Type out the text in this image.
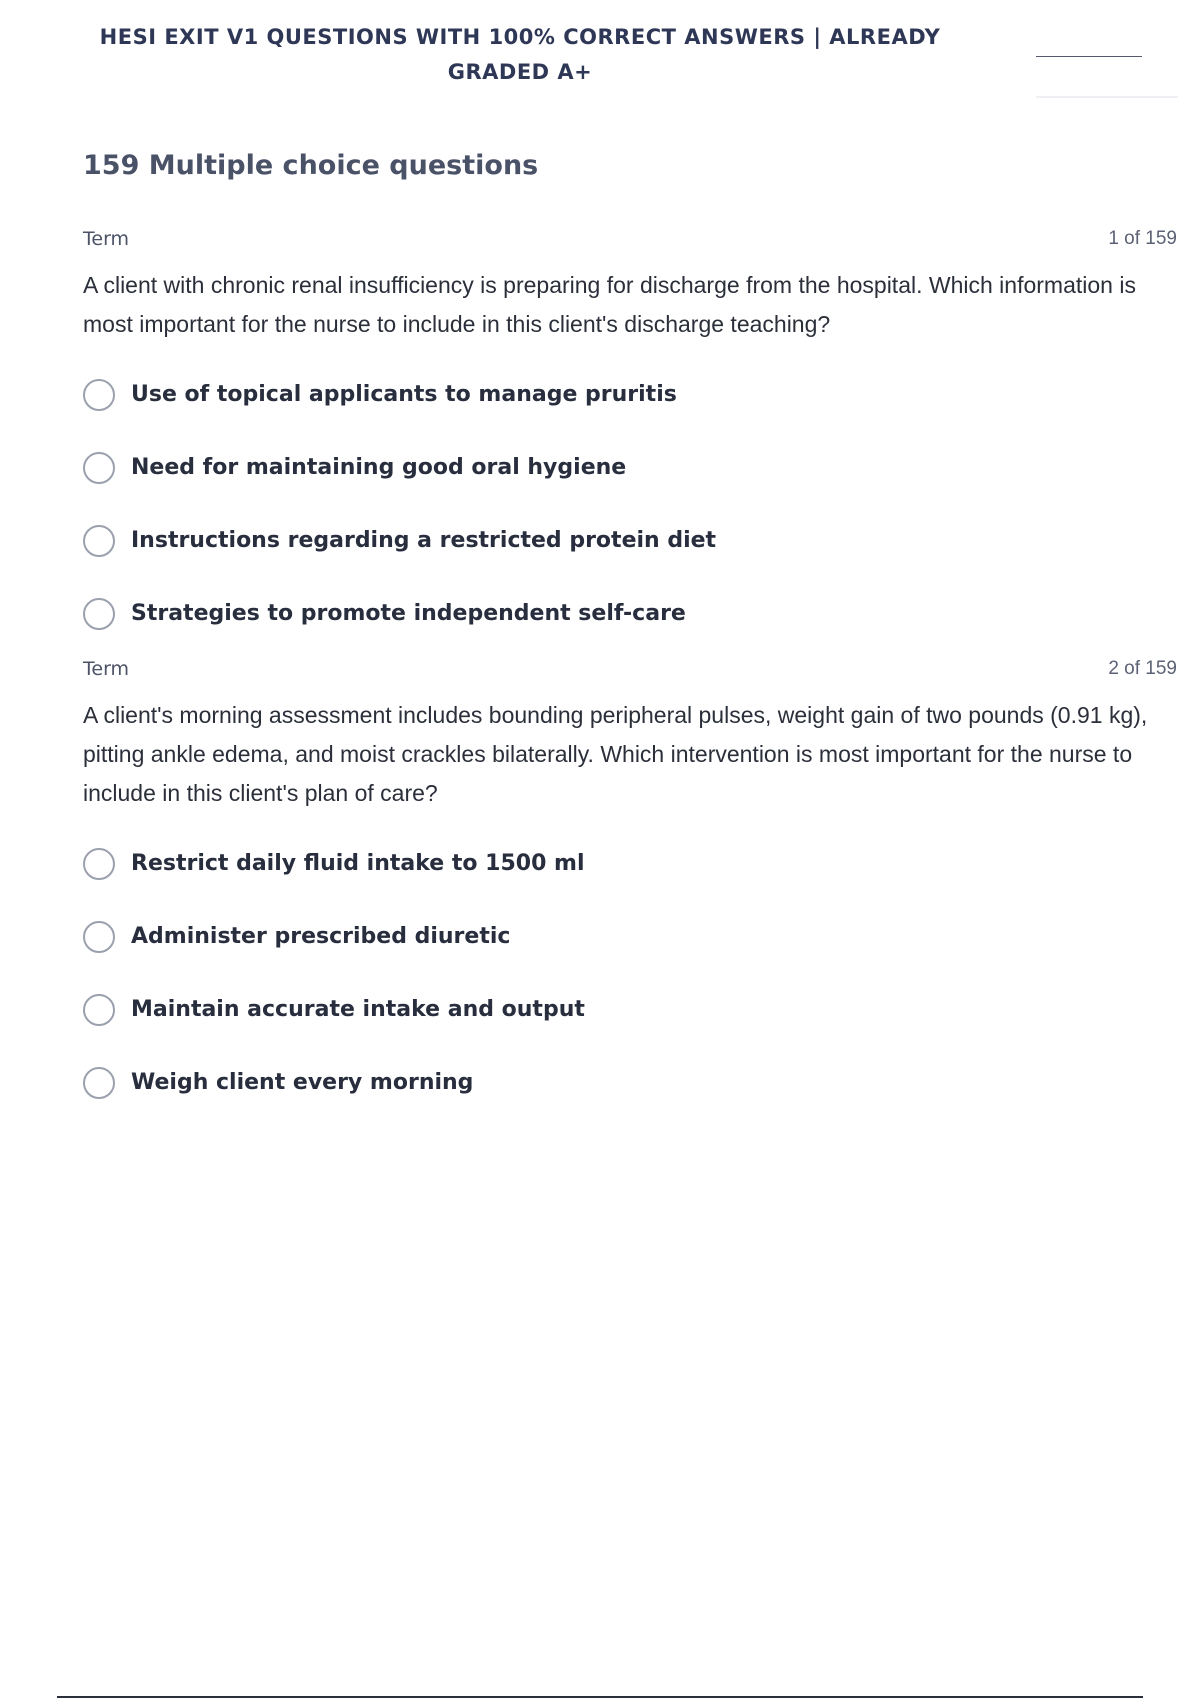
HESI EXIT V1 QUESTIONS WITH 100% CORRECT ANSWERS | ALREADY
GRADED A+
159 Multiple choice questions
Term	1 of 159
A client with chronic renal insufficiency is preparing for discharge from the hospital. Which information is most important for the nurse to include in this client's discharge teaching?
Use of topical applicants to manage pruritis
Need for maintaining good oral hygiene
Instructions regarding a restricted protein diet
Strategies to promote independent self-care
Term	2 of 159
A client's morning assessment includes bounding peripheral pulses, weight gain of two pounds (0.91 kg), pitting ankle edema, and moist crackles bilaterally. Which intervention is most important for the nurse to include in this client's plan of care?
Restrict daily fluid intake to 1500 ml
Administer prescribed diuretic
Maintain accurate intake and output
Weigh client every morning
